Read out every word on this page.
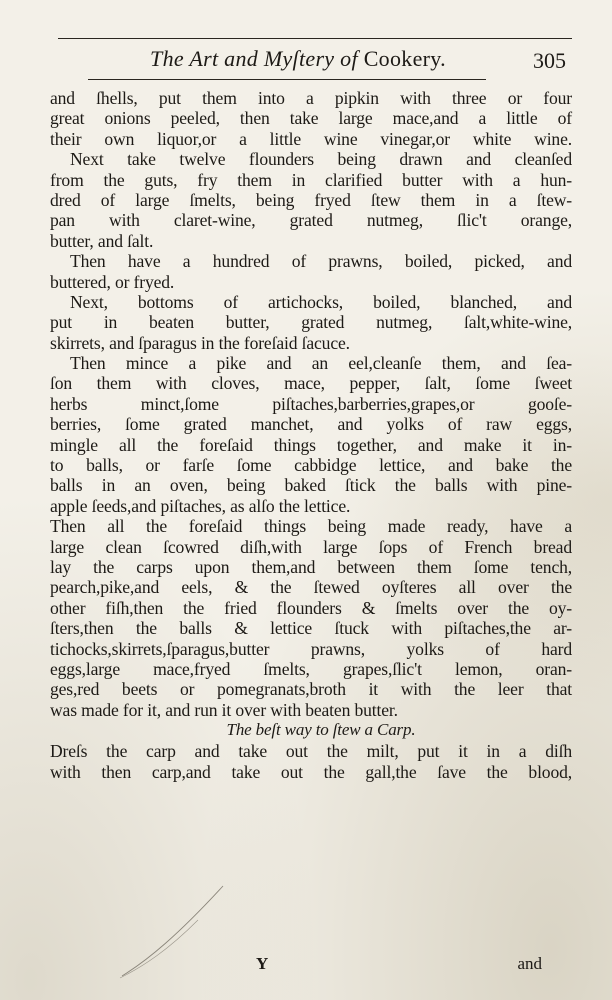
The Art and Myſtery of Cookery.	305
and ſhells, put them into a pipkin with three or four
great onions peeled, then take large mace,and a little of
their own liquor,or a little wine vinegar,or white wine.
Next take twelve flounders being drawn and cleanſed
from the guts, fry them in clarified butter with a hun-
dred of large ſmelts, being fryed ſtew them in a ſtew-
pan with claret-wine, grated nutmeg, ſlic't orange,
butter, and ſalt.
Then have a hundred of prawns, boiled, picked, and
buttered, or fryed.
Next, bottoms of artichocks, boiled, blanched, and
put in beaten butter, grated nutmeg, ſalt,white-wine,
skirrets, and ſparagus in the foreſaid ſacuce.
Then mince a pike and an eel,cleanſe them, and ſea-
ſon them with cloves, mace, pepper, ſalt, ſome ſweet
herbs minct,ſome piſtaches,barberries,grapes,or gooſe-
berries, ſome grated manchet, and yolks of raw eggs,
mingle all the foreſaid things together, and make it in-
to balls, or farſe ſome cabbidge lettice, and bake the
balls in an oven, being baked ſtick the balls with pine-
apple ſeeds,and piſtaches, as alſo the lettice.
Then all the foreſaid things being made ready, have a
large clean ſcowred diſh,with large ſops of French bread
lay the carps upon them,and between them ſome tench,
pearch,pike,and eels, & the ſtewed oyſteres all over the
other fiſh,then the fried flounders & ſmelts over the oy-
ſters,then the balls & lettice ſtuck with piſtaches,the ar-
tichocks,skirrets,ſparagus,butter prawns, yolks of hard
eggs,large mace,fryed ſmelts, grapes,ſlic't lemon, oran-
ges,red beets or pomegranats,broth it with the leer that
was made for it, and run it over with beaten butter.
The beſt way to ſtew a Carp.
Dreſs the carp and take out the milt, put it in a diſh
with then carp,and take out the gall,the ſave the blood,
Y	and
